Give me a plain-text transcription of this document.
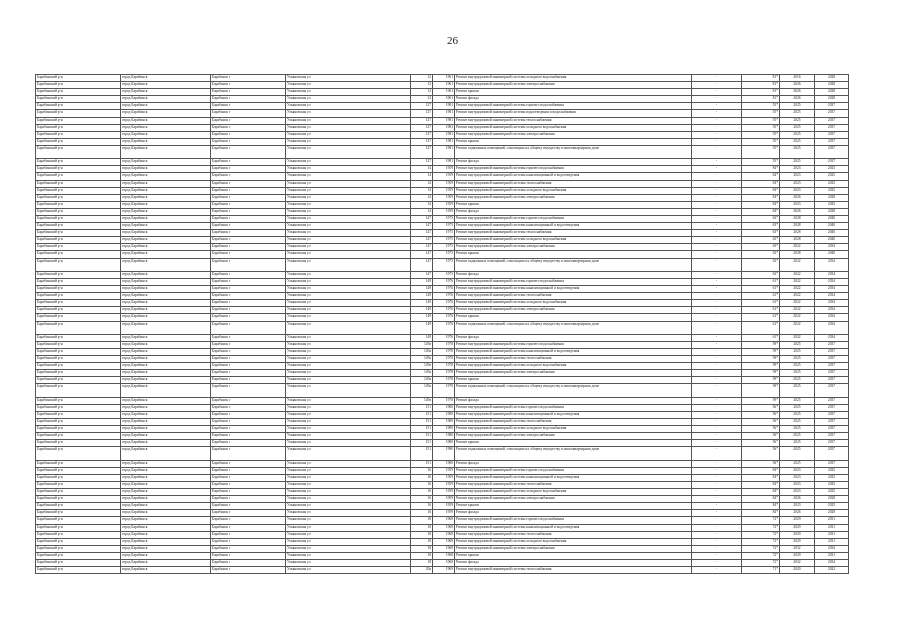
26
Барабинский р-н	город Барабинск	Барабинск г	Ульяновская ул	12	1961	Ремонт внутридомовой инженерной системы холодного водоснабжения	-	81*	2016	2028
Барабинский р-н	город Барабинск	Барабинск г	Ульяновская ул	12	1961	Ремонт внутридомовой инженерной системы электроснабжения	-	81*	2026	2028
Барабинский р-н	город Барабинск	Барабинск г	Ульяновская ул	12	1961	Ремонт крыши	-	81*	2026	2028
Барабинский р-н	город Барабинск	Барабинск г	Ульяновская ул	12	1961	Ремонт фасада	-	81*	2026	2028
Барабинский р-н	город Барабинск	Барабинск г	Ульяновская ул	137	1981	Ремонт внутридомовой инженерной системы горячего водоснабжения	-	55*	2025	2037
Барабинский р-н	город Барабинск	Барабинск г	Ульяновская ул	137	1981	Ремонт внутридомовой инженерной системы водоотведения и водоснабжения	-	55*	2025	2037
Барабинский р-н	город Барабинск	Барабинск г	Ульяновская ул	137	1981	Ремонт внутридомовой инженерной системы теплоснабжения	-	55*	2025	2037
Барабинский р-н	город Барабинск	Барабинск г	Ульяновская ул	137	1981	Ремонт внутридомовой инженерной системы холодного водоснабжения	-	55*	2025	2037
Барабинский р-н	город Барабинск	Барабинск г	Ульяновская ул	137	1981	Ремонт внутридомовой инженерной системы электроснабжения	-	55*	2025	2037
Барабинский р-н	город Барабинск	Барабинск г	Ульяновская ул	137	1981	Ремонт крыши	-	55*	2025	2037
Барабинский р-н	город Барабинск	Барабинск г	Ульяновская ул	137	1981	Ремонт подвальных помещений, относящихся к общему имуществу в многоквартирном доме	-	55*	2025	2037
Барабинский р-н	город Барабинск	Барабинск г	Ульяновская ул	137	1981	Ремонт фасада	-	55*	2025	2037
Барабинский р-н	город Барабинск	Барабинск г	Ульяновская ул	14	1959	Ремонт внутридомовой инженерной системы горячего водоснабжения	-	84*	2023	2025
Барабинский р-н	город Барабинск	Барабинск г	Ульяновская ул	14	1959	Ремонт внутридомовой инженерной системы канализационной и водоотведения	-	84*	2023	2025
Барабинский р-н	город Барабинск	Барабинск г	Ульяновская ул	14	1959	Ремонт внутридомовой инженерной системы теплоснабжения	-	84*	2023	2025
Барабинский р-н	город Барабинск	Барабинск г	Ульяновская ул	14	1959	Ремонт внутридомовой инженерной системы холодного водоснабжения	-	84*	2023	2025
Барабинский р-н	город Барабинск	Барабинск г	Ульяновская ул	14	1959	Ремонт внутридомовой инженерной системы электроснабжения	-	84*	2026	2028
Барабинский р-н	город Барабинск	Барабинск г	Ульяновская ул	14	1959	Ремонт крыши	-	84*	2023	2025
Барабинский р-н	город Барабинск	Барабинск г	Ульяновская ул	14	1959	Ремонт фасада	-	84*	2026	2028
Барабинский р-н	город Барабинск	Барабинск г	Ульяновская ул	147	1975	Ремонт внутридомовой инженерной системы горячего водоснабжения	-	63*	2028	2040
Барабинский р-н	город Барабинск	Барабинск г	Ульяновская ул	147	1975	Ремонт внутридомовой инженерной системы канализационной и водоотведения	-	63*	2028	2040
Барабинский р-н	город Барабинск	Барабинск г	Ульяновская ул	147	1975	Ремонт внутридомовой инженерной системы теплоснабжения	-	63*	2028	2040
Барабинский р-н	город Барабинск	Барабинск г	Ульяновская ул	147	1975	Ремонт внутридомовой инженерной системы холодного водоснабжения	-	63*	2028	2040
Барабинский р-н	город Барабинск	Барабинск г	Ульяновская ул	147	1975	Ремонт внутридомовой инженерной системы электроснабжения	-	63*	2022	2034
Барабинский р-н	город Барабинск	Барабинск г	Ульяновская ул	147	1975	Ремонт крыши	-	63*	2028	2040
Барабинский р-н	город Барабинск	Барабинск г	Ульяновская ул	147	1975	Ремонт подвальных помещений, относящихся к общему имуществу в многоквартирном доме	-	63*	2022	2034
Барабинский р-н	город Барабинск	Барабинск г	Ульяновская ул	147	1975	Ремонт фасада	-	63*	2022	2034
Барабинский р-н	город Барабинск	Барабинск г	Ульяновская ул	149	1976	Ремонт внутридомовой инженерной системы горячего водоснабжения	-	61*	2022	2034
Барабинский р-н	город Барабинск	Барабинск г	Ульяновская ул	149	1976	Ремонт внутридомовой инженерной системы канализационной и водоотведения	-	61*	2022	2034
Барабинский р-н	город Барабинск	Барабинск г	Ульяновская ул	149	1976	Ремонт внутридомовой инженерной системы теплоснабжения	-	61*	2022	2034
Барабинский р-н	город Барабинск	Барабинск г	Ульяновская ул	149	1976	Ремонт внутридомовой инженерной системы холодного водоснабжения	-	61*	2022	2034
Барабинский р-н	город Барабинск	Барабинск г	Ульяновская ул	149	1976	Ремонт внутридомовой инженерной системы электроснабжения	-	61*	2022	2034
Барабинский р-н	город Барабинск	Барабинск г	Ульяновская ул	149	1976	Ремонт крыши	-	61*	2022	2034
Барабинский р-н	город Барабинск	Барабинск г	Ульяновская ул	149	1976	Ремонт подвальных помещений, относящихся к общему имуществу в многоквартирном доме	-	61*	2022	2034
Барабинский р-н	город Барабинск	Барабинск г	Ульяновская ул	149	1976	Ремонт фасада	-	61*	2022	2034
Барабинский р-н	город Барабинск	Барабинск г	Ульяновская ул	149а	1978	Ремонт внутридомовой инженерной системы горячего водоснабжения	-	59*	2025	2037
Барабинский р-н	город Барабинск	Барабинск г	Ульяновская ул	149а	1978	Ремонт внутридомовой инженерной системы канализационной и водоотведения	-	59*	2025	2037
Барабинский р-н	город Барабинск	Барабинск г	Ульяновская ул	149а	1978	Ремонт внутридомовой инженерной системы теплоснабжения	-	59*	2025	2037
Барабинский р-н	город Барабинск	Барабинск г	Ульяновская ул	149а	1978	Ремонт внутридомовой инженерной системы холодного водоснабжения	-	59*	2025	2037
Барабинский р-н	город Барабинск	Барабинск г	Ульяновская ул	149а	1978	Ремонт внутридомовой инженерной системы электроснабжения	-	59*	2025	2037
Барабинский р-н	город Барабинск	Барабинск г	Ульяновская ул	149а	1978	Ремонт крыши	-	59*	2025	2037
Барабинский р-н	город Барабинск	Барабинск г	Ульяновская ул	149а	1978	Ремонт подвальных помещений, относящихся к общему имуществу в многоквартирном доме	-	59*	2025	2037
Барабинский р-н	город Барабинск	Барабинск г	Ульяновская ул	149а	1978	Ремонт фасада	-	59*	2025	2037
Барабинский р-н	город Барабинск	Барабинск г	Ульяновская ул	151	1980	Ремонт внутридомовой инженерной системы горячего водоснабжения	-	56*	2025	2037
Барабинский р-н	город Барабинск	Барабинск г	Ульяновская ул	151	1980	Ремонт внутридомовой инженерной системы канализационной и водоотведения	-	56*	2025	2037
Барабинский р-н	город Барабинск	Барабинск г	Ульяновская ул	151	1980	Ремонт внутридомовой инженерной системы теплоснабжения	-	56*	2025	2037
Барабинский р-н	город Барабинск	Барабинск г	Ульяновская ул	151	1980	Ремонт внутридомовой инженерной системы холодного водоснабжения	-	56*	2025	2037
Барабинский р-н	город Барабинск	Барабинск г	Ульяновская ул	151	1980	Ремонт внутридомовой инженерной системы электроснабжения	-	56*	2025	2037
Барабинский р-н	город Барабинск	Барабинск г	Ульяновская ул	151	1980	Ремонт крыши	-	56*	2025	2037
Барабинский р-н	город Барабинск	Барабинск г	Ульяновская ул	151	1980	Ремонт подвальных помещений, относящихся к общему имуществу в многоквартирном доме	-	56*	2025	2037
Барабинский р-н	город Барабинск	Барабинск г	Ульяновская ул	151	1980	Ремонт фасада	-	56*	2025	2037
Барабинский р-н	город Барабинск	Барабинск г	Ульяновская ул	16	1959	Ремонт внутридомовой инженерной системы горячего водоснабжения	-	84*	2023	2025
Барабинский р-н	город Барабинск	Барабинск г	Ульяновская ул	16	1959	Ремонт внутридомовой инженерной системы канализационной и водоотведения	-	84*	2023	2025
Барабинский р-н	город Барабинск	Барабинск г	Ульяновская ул	16	1959	Ремонт внутридомовой инженерной системы теплоснабжения	-	84*	2023	2025
Барабинский р-н	город Барабинск	Барабинск г	Ульяновская ул	16	1959	Ремонт внутридомовой инженерной системы холодного водоснабжения	-	84*	2023	2025
Барабинский р-н	город Барабинск	Барабинск г	Ульяновская ул	16	1959	Ремонт внутридомовой инженерной системы электроснабжения	-	84*	2026	2028
Барабинский р-н	город Барабинск	Барабинск г	Ульяновская ул	16	1959	Ремонт крыши	-	84*	2023	2025
Барабинский р-н	город Барабинск	Барабинск г	Ульяновская ул	16	1959	Ремонт фасада	-	84*	2026	2028
Барабинский р-н	город Барабинск	Барабинск г	Ульяновская ул	18	1968	Ремонт внутридомовой инженерной системы горячего водоснабжения	-	72*	2029	2031
Барабинский р-н	город Барабинск	Барабинск г	Ульяновская ул	18	1968	Ремонт внутридомовой инженерной системы канализационной и водоотведения	-	72*	2029	2031
Барабинский р-н	город Барабинск	Барабинск г	Ульяновская ул	18	1968	Ремонт внутридомовой инженерной системы теплоснабжения	-	72*	2029	2031
Барабинский р-н	город Барабинск	Барабинск г	Ульяновская ул	18	1968	Ремонт внутридомовой инженерной системы холодного водоснабжения	-	72*	2029	2031
Барабинский р-н	город Барабинск	Барабинск г	Ульяновская ул	18	1968	Ремонт внутридомовой инженерной системы электроснабжения	-	72*	2032	2034
Барабинский р-н	город Барабинск	Барабинск г	Ульяновская ул	18	1968	Ремонт крыши	-	72*	2029	2031
Барабинский р-н	город Барабинск	Барабинск г	Ульяновская ул	18	1968	Ремонт фасада	-	72*	2032	2034
Барабинский р-н	город Барабинск	Барабинск г	Ульяновская ул	20а	1969	Ремонт внутридомовой инженерной системы теплоснабжения	-	71*	2020	2022
